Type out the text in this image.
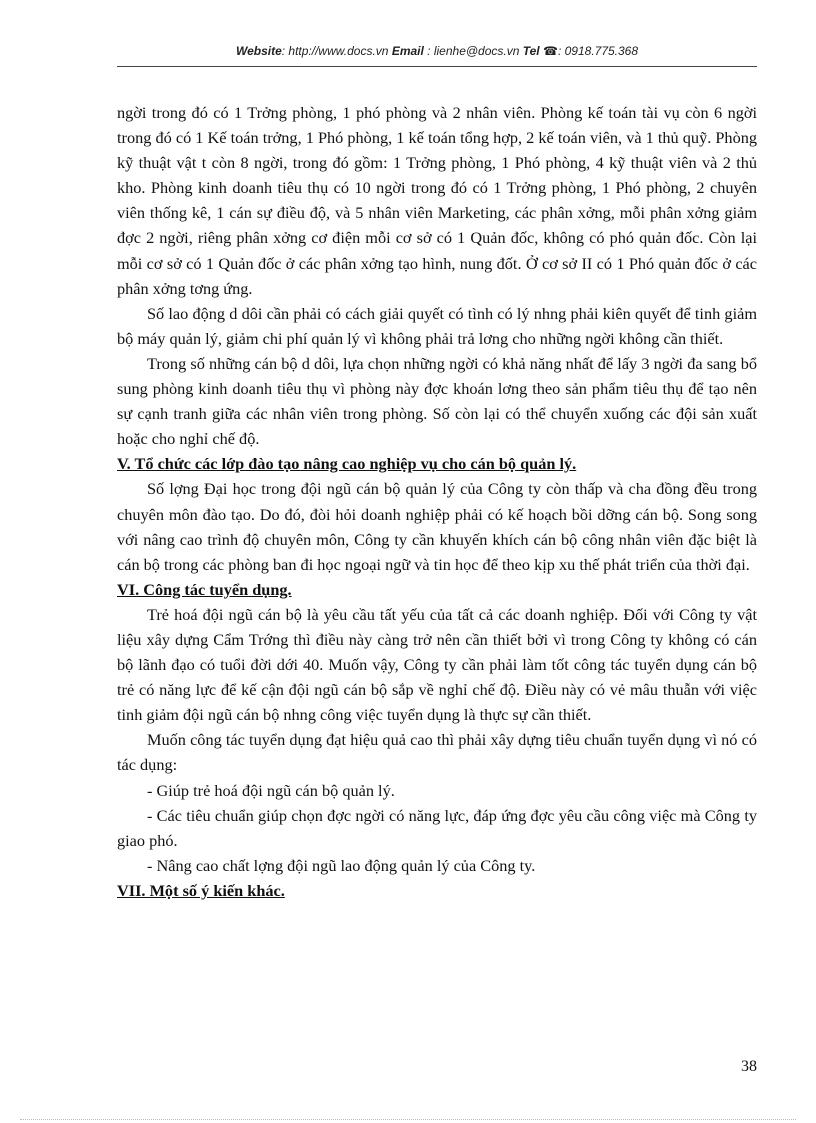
Website: http://www.docs.vn Email : lienhe@docs.vn Tel ☎: 0918.775.368

ngời trong đó có 1 Trởng phòng, 1 phó phòng và 2 nhân viên. Phòng kế toán tài vụ còn 6 ngời trong đó có 1 Kế toán trởng, 1 Phó phòng, 1 kế toán tổng hợp, 2 kế toán viên, và 1 thủ quỹ. Phòng kỹ thuật vật t còn 8 ngời, trong đó gồm: 1 Trởng phòng, 1 Phó phòng, 4 kỹ thuật viên và 2 thủ kho. Phòng kinh doanh tiêu thụ có 10 ngời trong đó có 1 Trởng phòng, 1 Phó phòng, 2 chuyên viên thống kê, 1 cán sự điều độ, và 5 nhân viên Marketing, các phân xởng, mỗi phân xởng giảm đợc 2 ngời, riêng phân xởng cơ điện mỗi cơ sở có 1 Quản đốc, không có phó quản đốc. Còn lại mỗi cơ sở có 1 Quản đốc ở các phân xởng tạo hình, nung đốt. Ở cơ sở II có 1 Phó quản đốc ở các phân xởng tơng ứng.

Số lao động d dôi cần phải có cách giải quyết có tình có lý nhng phải kiên quyết để tinh giảm bộ máy quản lý, giảm chi phí quản lý vì không phải trả lơng cho những ngời không cần thiết.

Trong số những cán bộ d dôi, lựa chọn những ngời có khả năng nhất để lấy 3 ngời đa sang bổ sung phòng kinh doanh tiêu thụ vì phòng này đợc khoán lơng theo sản phẩm tiêu thụ để tạo nên sự cạnh tranh giữa các nhân viên trong phòng. Số còn lại có thể chuyển xuống các đội sản xuất hoặc cho nghỉ chế độ.

V. Tổ chức các lớp đào tạo nâng cao nghiệp vụ cho cán bộ quản lý.

Số lợng Đại học trong đội ngũ cán bộ quản lý của Công ty còn thấp và cha đồng đều trong chuyên môn đào tạo. Do đó, đòi hỏi doanh nghiệp phải có kế hoạch bồi dỡng cán bộ. Song song với nâng cao trình độ chuyên môn, Công ty cần khuyến khích cán bộ công nhân viên đặc biệt là cán bộ trong các phòng ban đi học ngoại ngữ và tin học để theo kịp xu thế phát triển của thời đại.

VI. Công tác tuyển dụng.

Trẻ hoá đội ngũ cán bộ là yêu cầu tất yếu của tất cả các doanh nghiệp. Đối với Công ty vật liệu xây dựng Cẩm Trớng thì điều này càng trở nên cần thiết bởi vì trong Công ty không có cán bộ lãnh đạo có tuổi đời dới 40. Muốn vậy, Công ty cần phải làm tốt công tác tuyển dụng cán bộ trẻ có năng lực để kế cận đội ngũ cán bộ sắp về nghỉ chế độ. Điều này có vẻ mâu thuẫn với việc tinh giảm đội ngũ cán bộ nhng công việc tuyển dụng là thực sự cần thiết.

Muốn công tác tuyển dụng đạt hiệu quả cao thì phải xây dựng tiêu chuẩn tuyển dụng vì nó có tác dụng:

- Giúp trẻ hoá đội ngũ cán bộ quản lý.

- Các tiêu chuẩn giúp chọn đợc ngời có năng lực, đáp ứng đợc yêu cầu công việc mà Công ty giao phó.

- Nâng cao chất lợng đội ngũ lao động quản lý của Công ty.

VII. Một số ý kiến khác.
38
